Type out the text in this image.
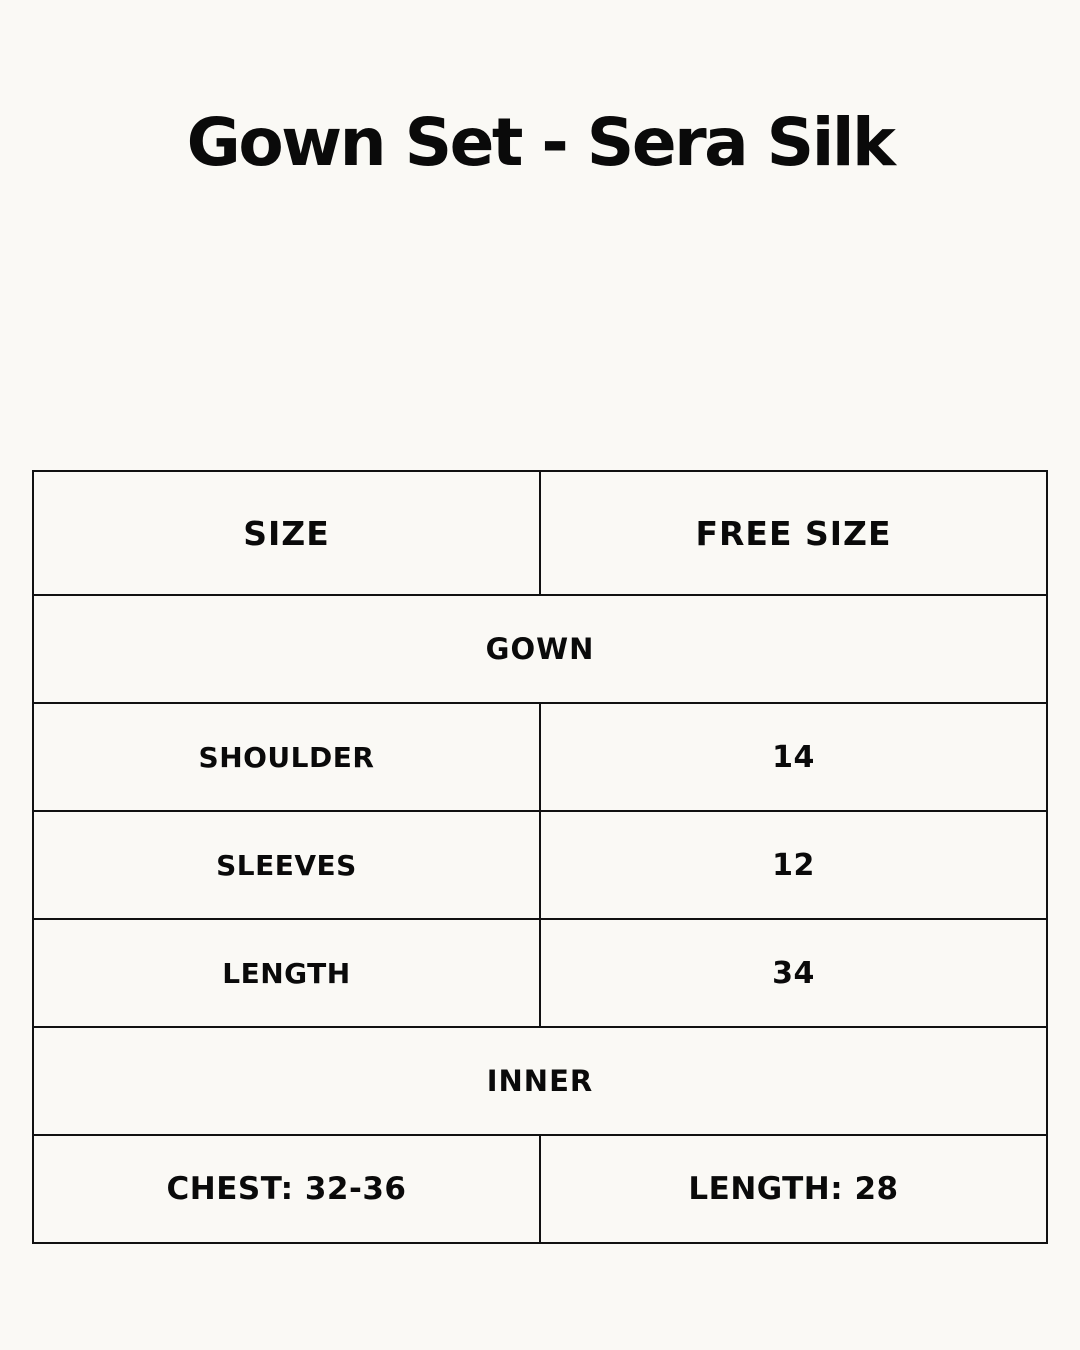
Gown Set - Sera Silk
SIZE	FREE SIZE
GOWN	
SHOULDER	14
SLEEVES	12
LENGTH	34
INNER	
CHEST: 32-36	LENGTH: 28
